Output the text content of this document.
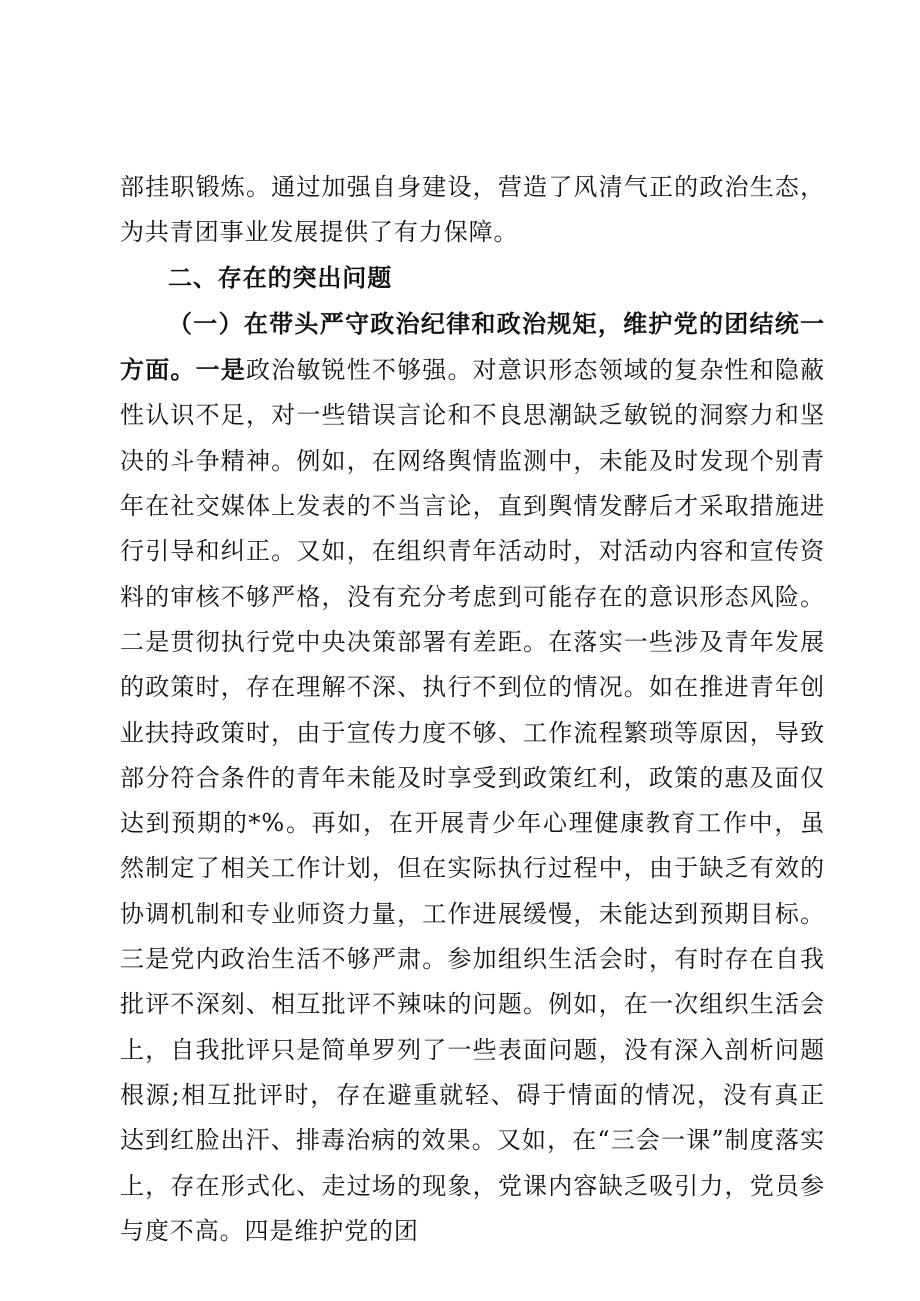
部挂职锻炼。通过加强自身建设，营造了风清气正的政治生态，为共青团事业发展提供了有力保障。

二、存在的突出问题

（一）在带头严守政治纪律和政治规矩，维护党的团结统一方面。一是政治敏锐性不够强。对意识形态领域的复杂性和隐蔽性认识不足，对一些错误言论和不良思潮缺乏敏锐的洞察力和坚决的斗争精神。例如，在网络舆情监测中，未能及时发现个别青年在社交媒体上发表的不当言论，直到舆情发酵后才采取措施进行引导和纠正。又如，在组织青年活动时，对活动内容和宣传资料的审核不够严格，没有充分考虑到可能存在的意识形态风险。二是贯彻执行党中央决策部署有差距。在落实一些涉及青年发展的政策时，存在理解不深、执行不到位的情况。如在推进青年创业扶持政策时，由于宣传力度不够、工作流程繁琐等原因，导致部分符合条件的青年未能及时享受到政策红利，政策的惠及面仅达到预期的*%。再如，在开展青少年心理健康教育工作中，虽然制定了相关工作计划，但在实际执行过程中，由于缺乏有效的协调机制和专业师资力量，工作进展缓慢，未能达到预期目标。三是党内政治生活不够严肃。参加组织生活会时，有时存在自我批评不深刻、相互批评不辣味的问题。例如，在一次组织生活会上，自我批评只是简单罗列了一些表面问题，没有深入剖析问题根源;相互批评时，存在避重就轻、碍于情面的情况，没有真正达到红脸出汗、排毒治病的效果。又如，在“三会一课”制度落实上，存在形式化、走过场的现象，党课内容缺乏吸引力，党员参与度不高。四是维护党的团
